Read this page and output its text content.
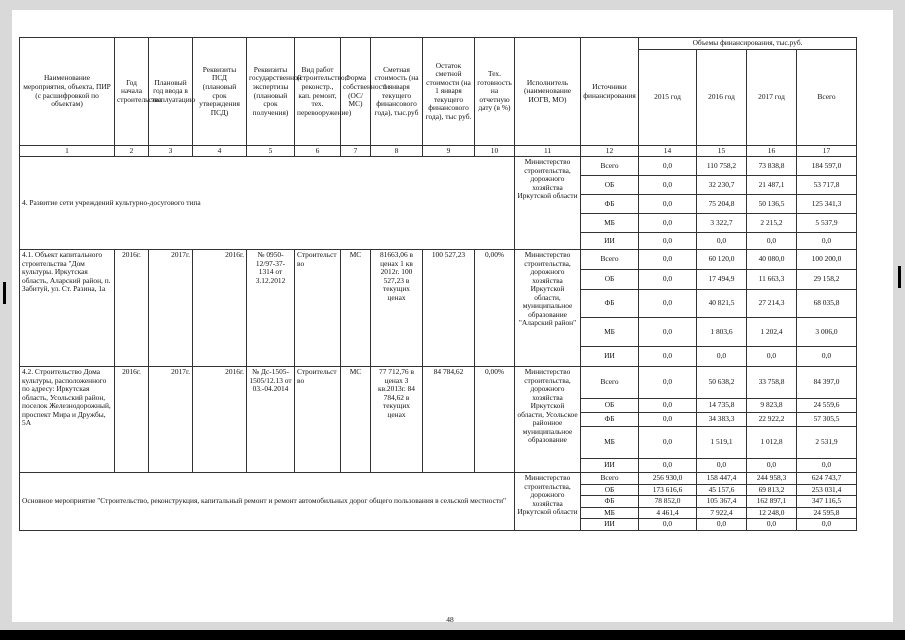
Наименование мероприятия, объекта, ПИР (с расшифровкой по объектам)	Год начала строительства	Плановый год ввода в эксплуатацию	Реквизиты ПСД (плановый срок утверждения ПСД)	Реквизиты государственной экспертизы (плановый срок получения)	Вид работ (строительство, реконстр., кап. ремонт, тех. перевооружение)	Форма собственности (ОС/МС)	Сметная стоимость (на 1 января текущего финансового года), тыс.руб	Остаток сметной стоимости (на 1 января текущего финансового года), тыс руб.	Тех. готовность на отчетную дату (в %)	Исполнитель (наименование ИОГВ, МО)	Источники финансирования	Объемы финансирования, тыс.руб.			
												2015 год	2016 год	2017 год	Всего
1	2	3	4	5	6	7	8	9	10	11	12	14	15	16	17
4. Развитие сети учреждений культурно-досугового типа										Министерство строительства, дорожного хозяйства Иркутской области	Всего	0,0	110 758,2	73 838,8	184 597,0
											ОБ	0,0	32 230,7	21 487,1	53 717,8
											ФБ	0,0	75 204,8	50 136,5	125 341,3
											МБ	0,0	3 322,7	2 215,2	5 537,9
											ИИ	0,0	0,0	0,0	0,0
4.1. Объект капитального строительства "Дом культуры. Иркутская область, Аларский район, п. Забитуй, ул. Ст. Разина, 1а	2016г.	2017г.	2016г.	№ 0950-12/97-37-1314 от 3.12.2012	Строительство	МС	81663,06 в ценах 1 кв 2012г. 100 527,23 в текущих ценах	100 527,23	0,00%	Министерство строительства, дорожного хозяйства Иркутской области, муниципальное образование "Аларский район"	Всего	0,0	60 120,0	40 080,0	100 200,0
											ОБ	0,0	17 494,9	11 663,3	29 158,2
											ФБ	0,0	40 821,5	27 214,3	68 035,8
											МБ	0,0	1 803,6	1 202,4	3 006,0
											ИИ	0,0	0,0	0,0	0,0
4.2. Строительство Дома культуры, расположенного по адресу: Иркутская область, Усольский район, поселок Железнодорожный, проспект Мира и Дружбы, 5А	2016г.	2017г.	2016г.	№ Дс-1505-1505/12.13 от 03.-04.2014	Строительство	МС	77 712,76 в ценах 3 кв.2013г. 84 784,62 в текущих ценах	84 784,62	0,00%	Министерство строительства, дорожного хозяйства Иркутской области, Усольское районное муниципальное образование	Всего	0,0	50 638,2	33 758,8	84 397,0
											ОБ	0,0	14 735,8	9 823,8	24 559,6
											ФБ	0,0	34 383,3	22 922,2	57 305,5
											МБ	0,0	1 519,1	1 012,8	2 531,9
											ИИ	0,0	0,0	0,0	0,0
Основное мероприятие "Строительство, реконструкция, капитальный ремонт и ремонт автомобильных дорог общего пользования в сельской местности"										Министерство строительства, дорожного хозяйства Иркутской области	Всего	256 930,0	158 447,4	244 958,3	624 743,7
											ОБ	173 616,6	45 157,6	69 813,2	253 031,4
											ФБ	78 852,0	105 367,4	162 897,1	347 116,5
											МБ	4 461,4	7 922,4	12 248,0	24 595,8
											ИИ	0,0	0,0	0,0	0,0
48
